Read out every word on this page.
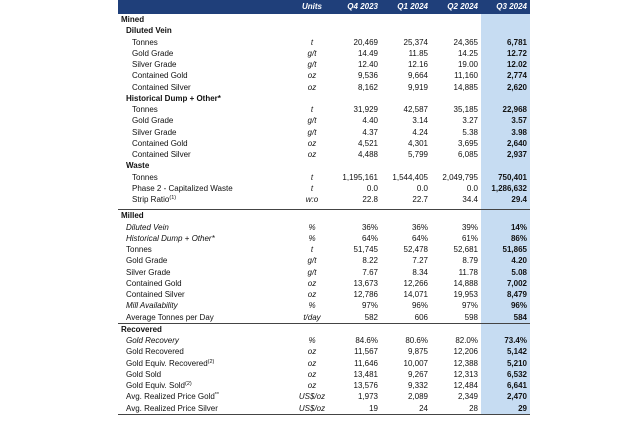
	Units	Q4 2023	Q1 2024	Q2 2024	Q3 2024
Mined					
Diluted Vein					
Tonnes	t	20,469	25,374	24,365	6,781
Gold Grade	g/t	14.49	11.85	14.25	12.72
Silver Grade	g/t	12.40	12.16	19.00	12.02
Contained Gold	oz	9,536	9,664	11,160	2,774
Contained Silver	oz	8,162	9,919	14,885	2,620
Historical Dump + Other*					
Tonnes	t	31,929	42,587	35,185	22,968
Gold Grade	g/t	4.40	3.14	3.27	3.57
Silver Grade	g/t	4.37	4.24	5.38	3.98
Contained Gold	oz	4,521	4,301	3,695	2,640
Contained Silver	oz	4,488	5,799	6,085	2,937
Waste					
Tonnes	t	1,195,161	1,544,405	2,049,795	750,401
Phase 2 - Capitalized Waste	t	0.0	0.0	0.0	1,286,632
Strip Ratio$^{(1)}$	w:o	22.8	22.7	34.4	29.4

Milled					
Diluted Vein	%	36%	36%	39%	14%
Historical Dump + Other*	%	64%	64%	61%	86%
Tonnes	t	51,745	52,478	52,681	51,865
Gold Grade	g/t	8.22	7.27	8.79	4.20
Silver Grade	g/t	7.67	8.34	11.78	5.08
Contained Gold	oz	13,673	12,266	14,888	7,002
Contained Silver	oz	12,786	14,071	19,953	8,479
Mill Availability	%	97%	96%	97%	96%
Average Tonnes per Day	t/day	582	606	598	584
Recovered					
Gold Recovery	%	84.6%	80.6%	82.0%	73.4%
Gold Recovered	oz	11,567	9,875	12,206	5,142
Gold Equiv. Recovered$^{(2)}$	oz	11,646	10,007	12,388	5,210
Gold Sold	oz	13,481	9,267	12,313	6,532
Gold Equiv. Sold$^{(2)}$	oz	13,576	9,332	12,484	6,641
Avg. Realized Price Gold**	US$/oz	1,973	2,089	2,349	2,470
Avg. Realized Price Silver	US$/oz	19	24	28	29
